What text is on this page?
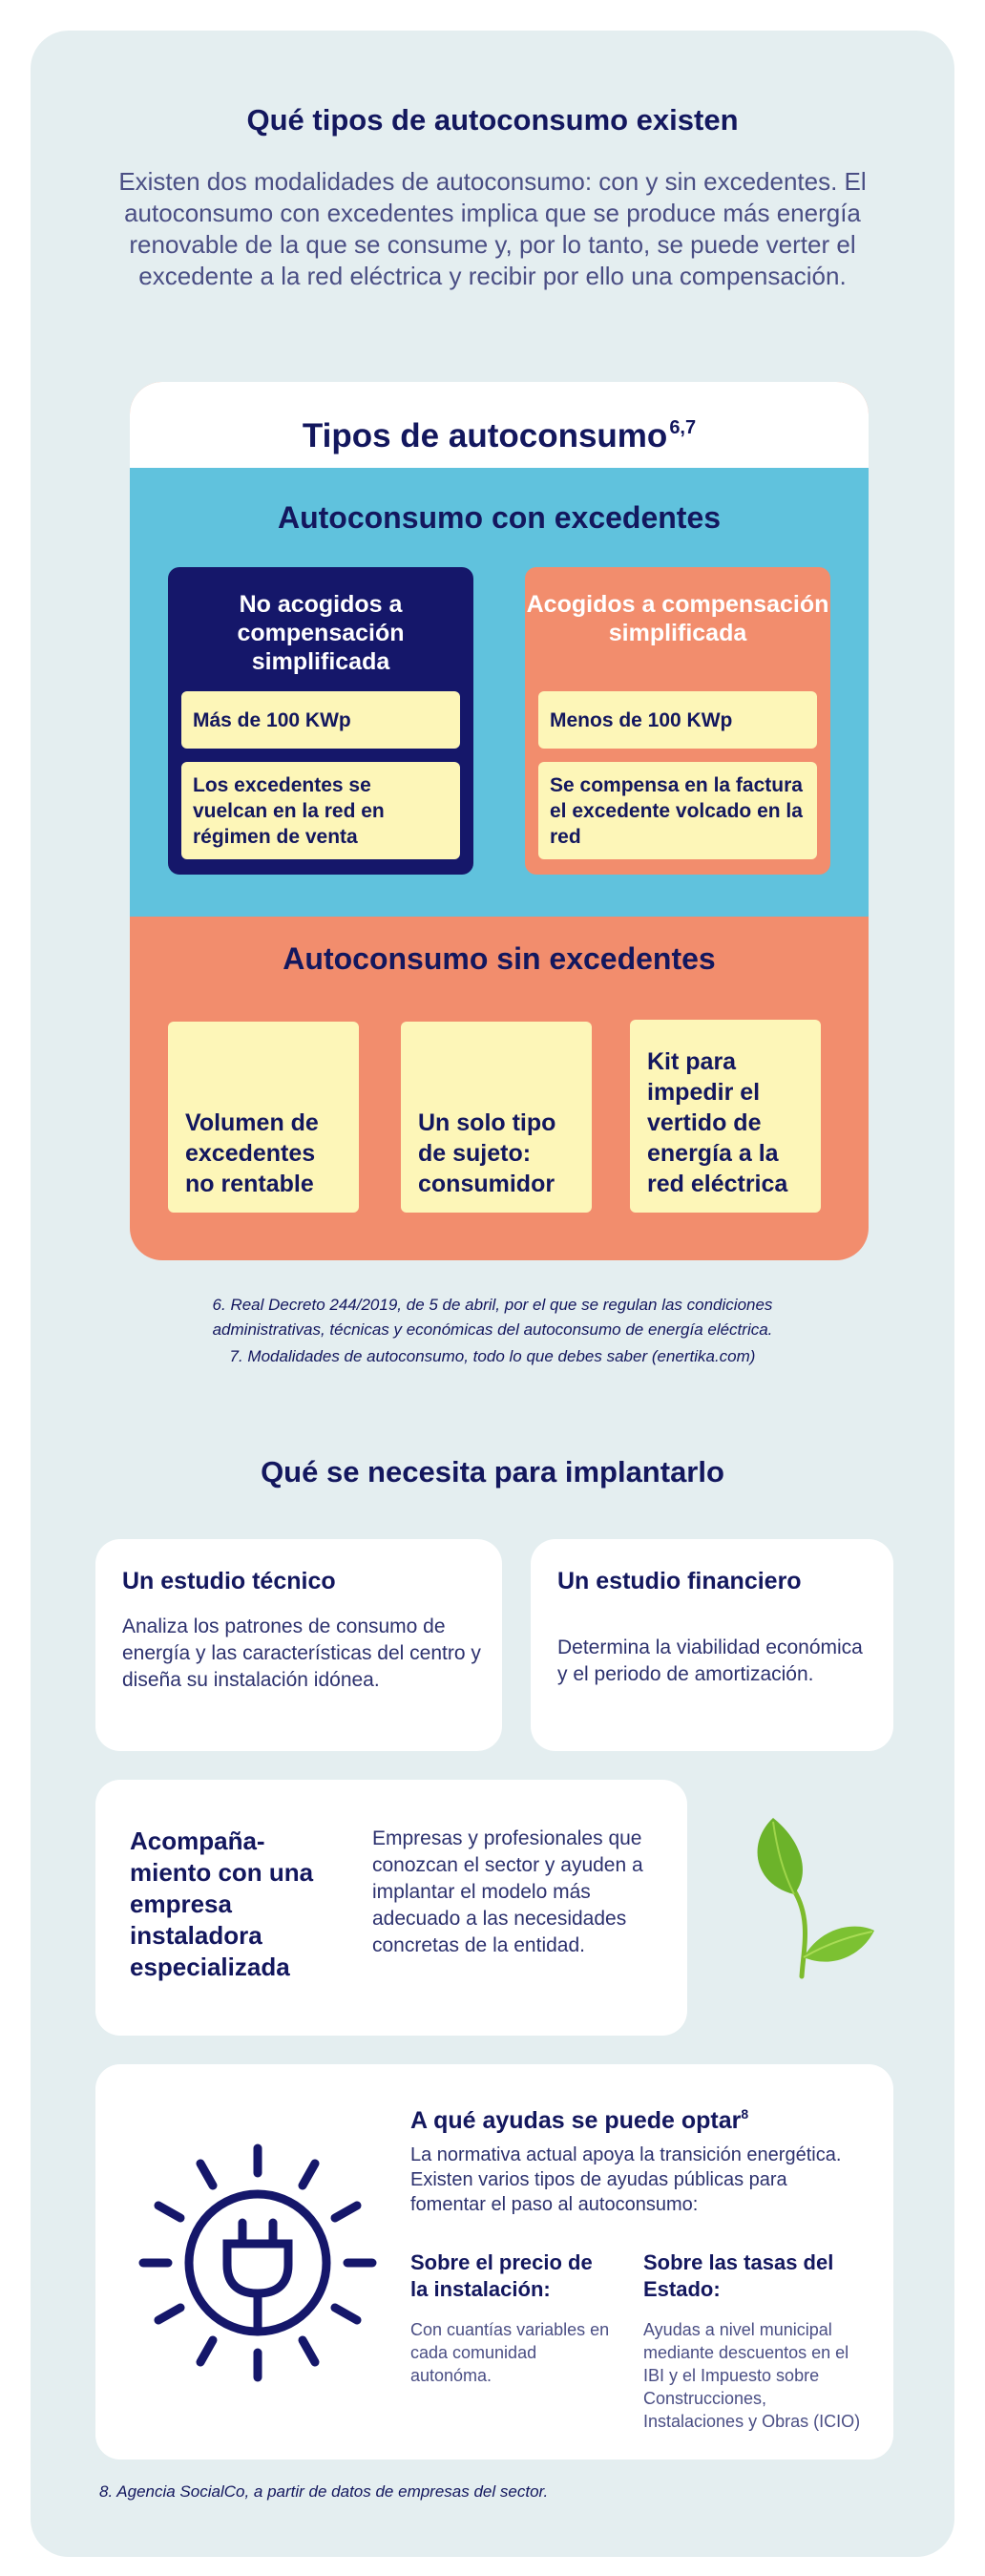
Qué tipos de autoconsumo existen

Existen dos modalidades de autoconsumo: con y sin excedentes. El autoconsumo con excedentes implica que se produce más energía renovable de la que se consume y, por lo tanto, se puede verter el excedente a la red eléctrica y recibir por ello una compensación.

Tipos de autoconsumo $^{6,7}$
Autoconsumo con excedentes
No acogidos a compensación simplificada
Más de 100 KWp
Los excedentes se vuelcan en la red en régimen de venta
Acogidos a compensación simplificada
Menos de 100 KWp
Se compensa en la factura el excedente volcado en la red
Autoconsumo sin excedentes
Volumen de excedentes no rentable
Un solo tipo de sujeto: consumidor
Kit para impedir el vertido de energía a la red eléctrica

6. Real Decreto 244/2019, de 5 de abril, por el que se regulan las condiciones administrativas, técnicas y económicas del autoconsumo de energía eléctrica.

7. Modalidades de autoconsumo, todo lo que debes saber (enertika.com)

Qué se necesita para implantarlo
Un estudio técnico

Analiza los patrones de consumo de energía y las características del centro y diseña su instalación idónea.

Un estudio financiero

Determina la viabilidad económica y el periodo de amortización.

Acompaña-miento con una empresa instaladora especializada
Empresas y profesionales que conozcan el sector y ayuden a implantar el modelo más adecuado a las necesidades concretas de la entidad.
A qué ayudas se puede optar$^8$

La normativa actual apoya la transición energética. Existen varios tipos de ayudas públicas para fomentar el paso al autoconsumo:

Sobre el precio de la instalación:
Con cuantías variables en cada comunidad autonóma.
Sobre las tasas del Estado:
Ayudas a nivel municipal mediante descuentos en el IBI y el Impuesto sobre Construcciones, Instalaciones y Obras (ICIO)

8. Agencia SocialCo, a partir de datos de empresas del sector.
